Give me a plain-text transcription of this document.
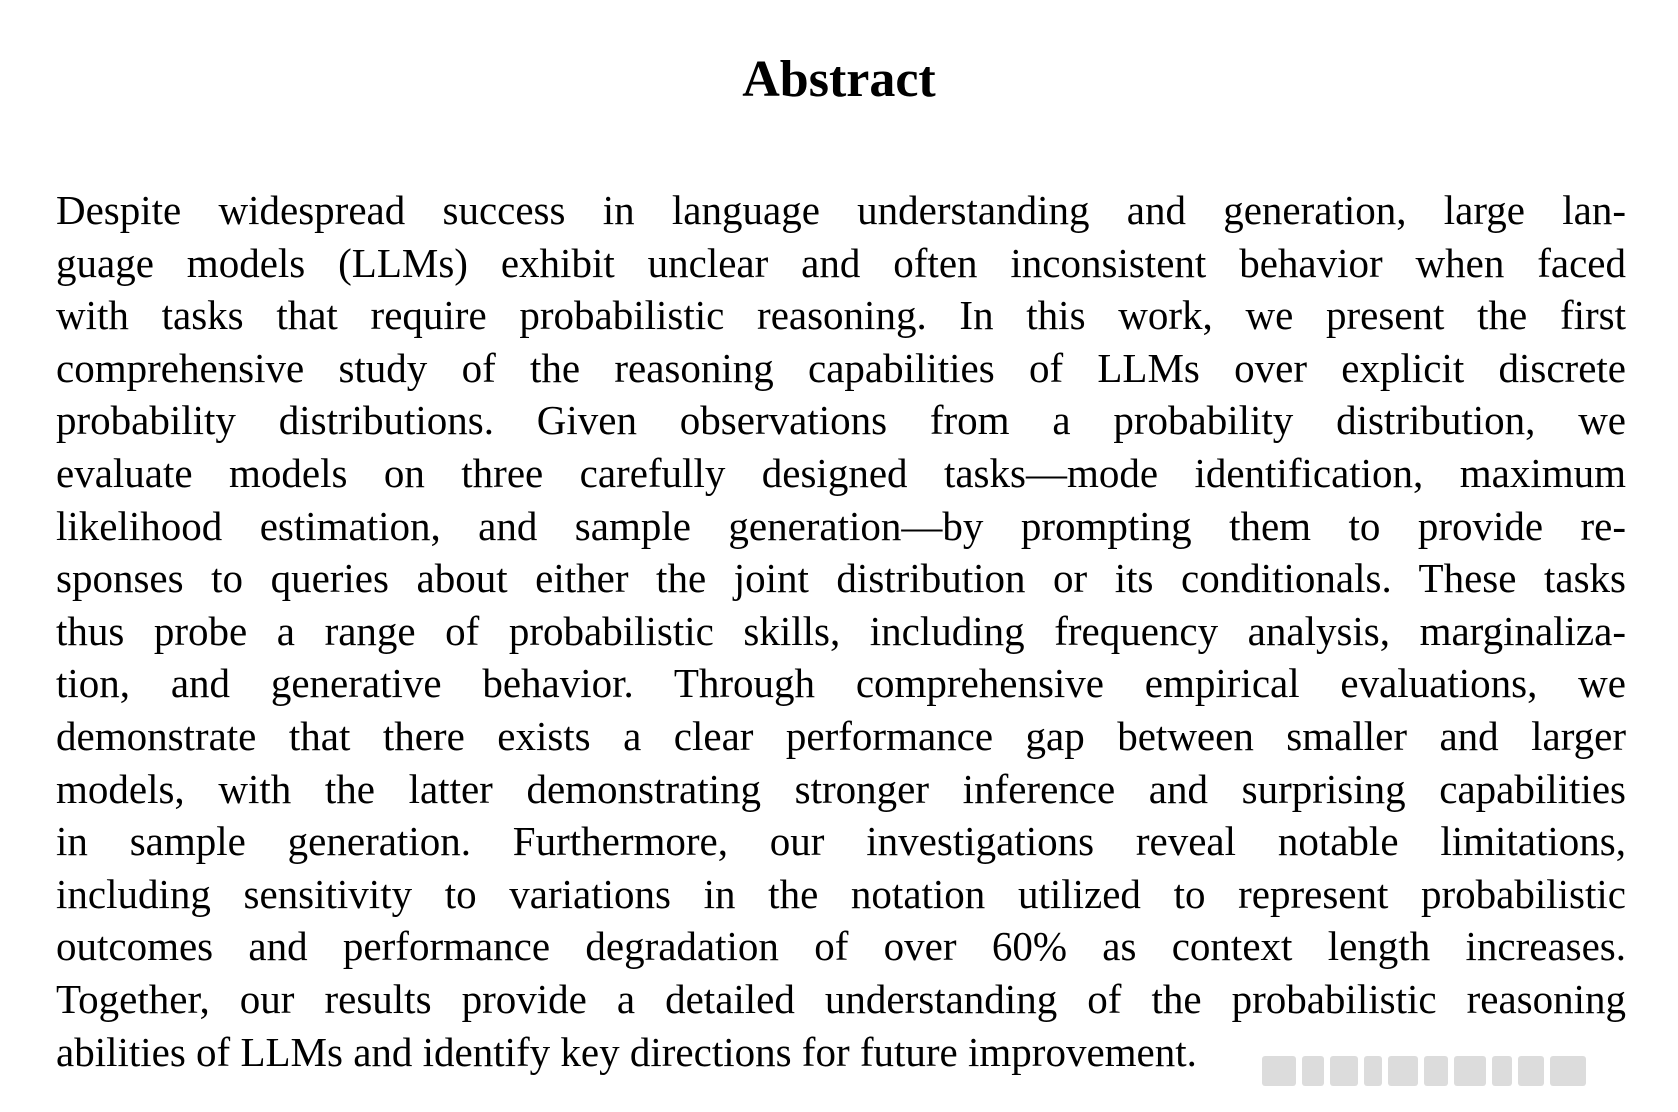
Abstract
Despite widespread success in language understanding and generation, large lan-
guage models (LLMs) exhibit unclear and often inconsistent behavior when faced
with tasks that require probabilistic reasoning. In this work, we present the first
comprehensive study of the reasoning capabilities of LLMs over explicit discrete
probability distributions. Given observations from a probability distribution, we
evaluate models on three carefully designed tasks—mode identification, maximum
likelihood estimation, and sample generation—by prompting them to provide re-
sponses to queries about either the joint distribution or its conditionals. These tasks
thus probe a range of probabilistic skills, including frequency analysis, marginaliza-
tion, and generative behavior. Through comprehensive empirical evaluations, we
demonstrate that there exists a clear performance gap between smaller and larger
models, with the latter demonstrating stronger inference and surprising capabilities
in sample generation. Furthermore, our investigations reveal notable limitations,
including sensitivity to variations in the notation utilized to represent probabilistic
outcomes and performance degradation of over 60% as context length increases.
Together, our results provide a detailed understanding of the probabilistic reasoning
abilities of LLMs and identify key directions for future improvement.
